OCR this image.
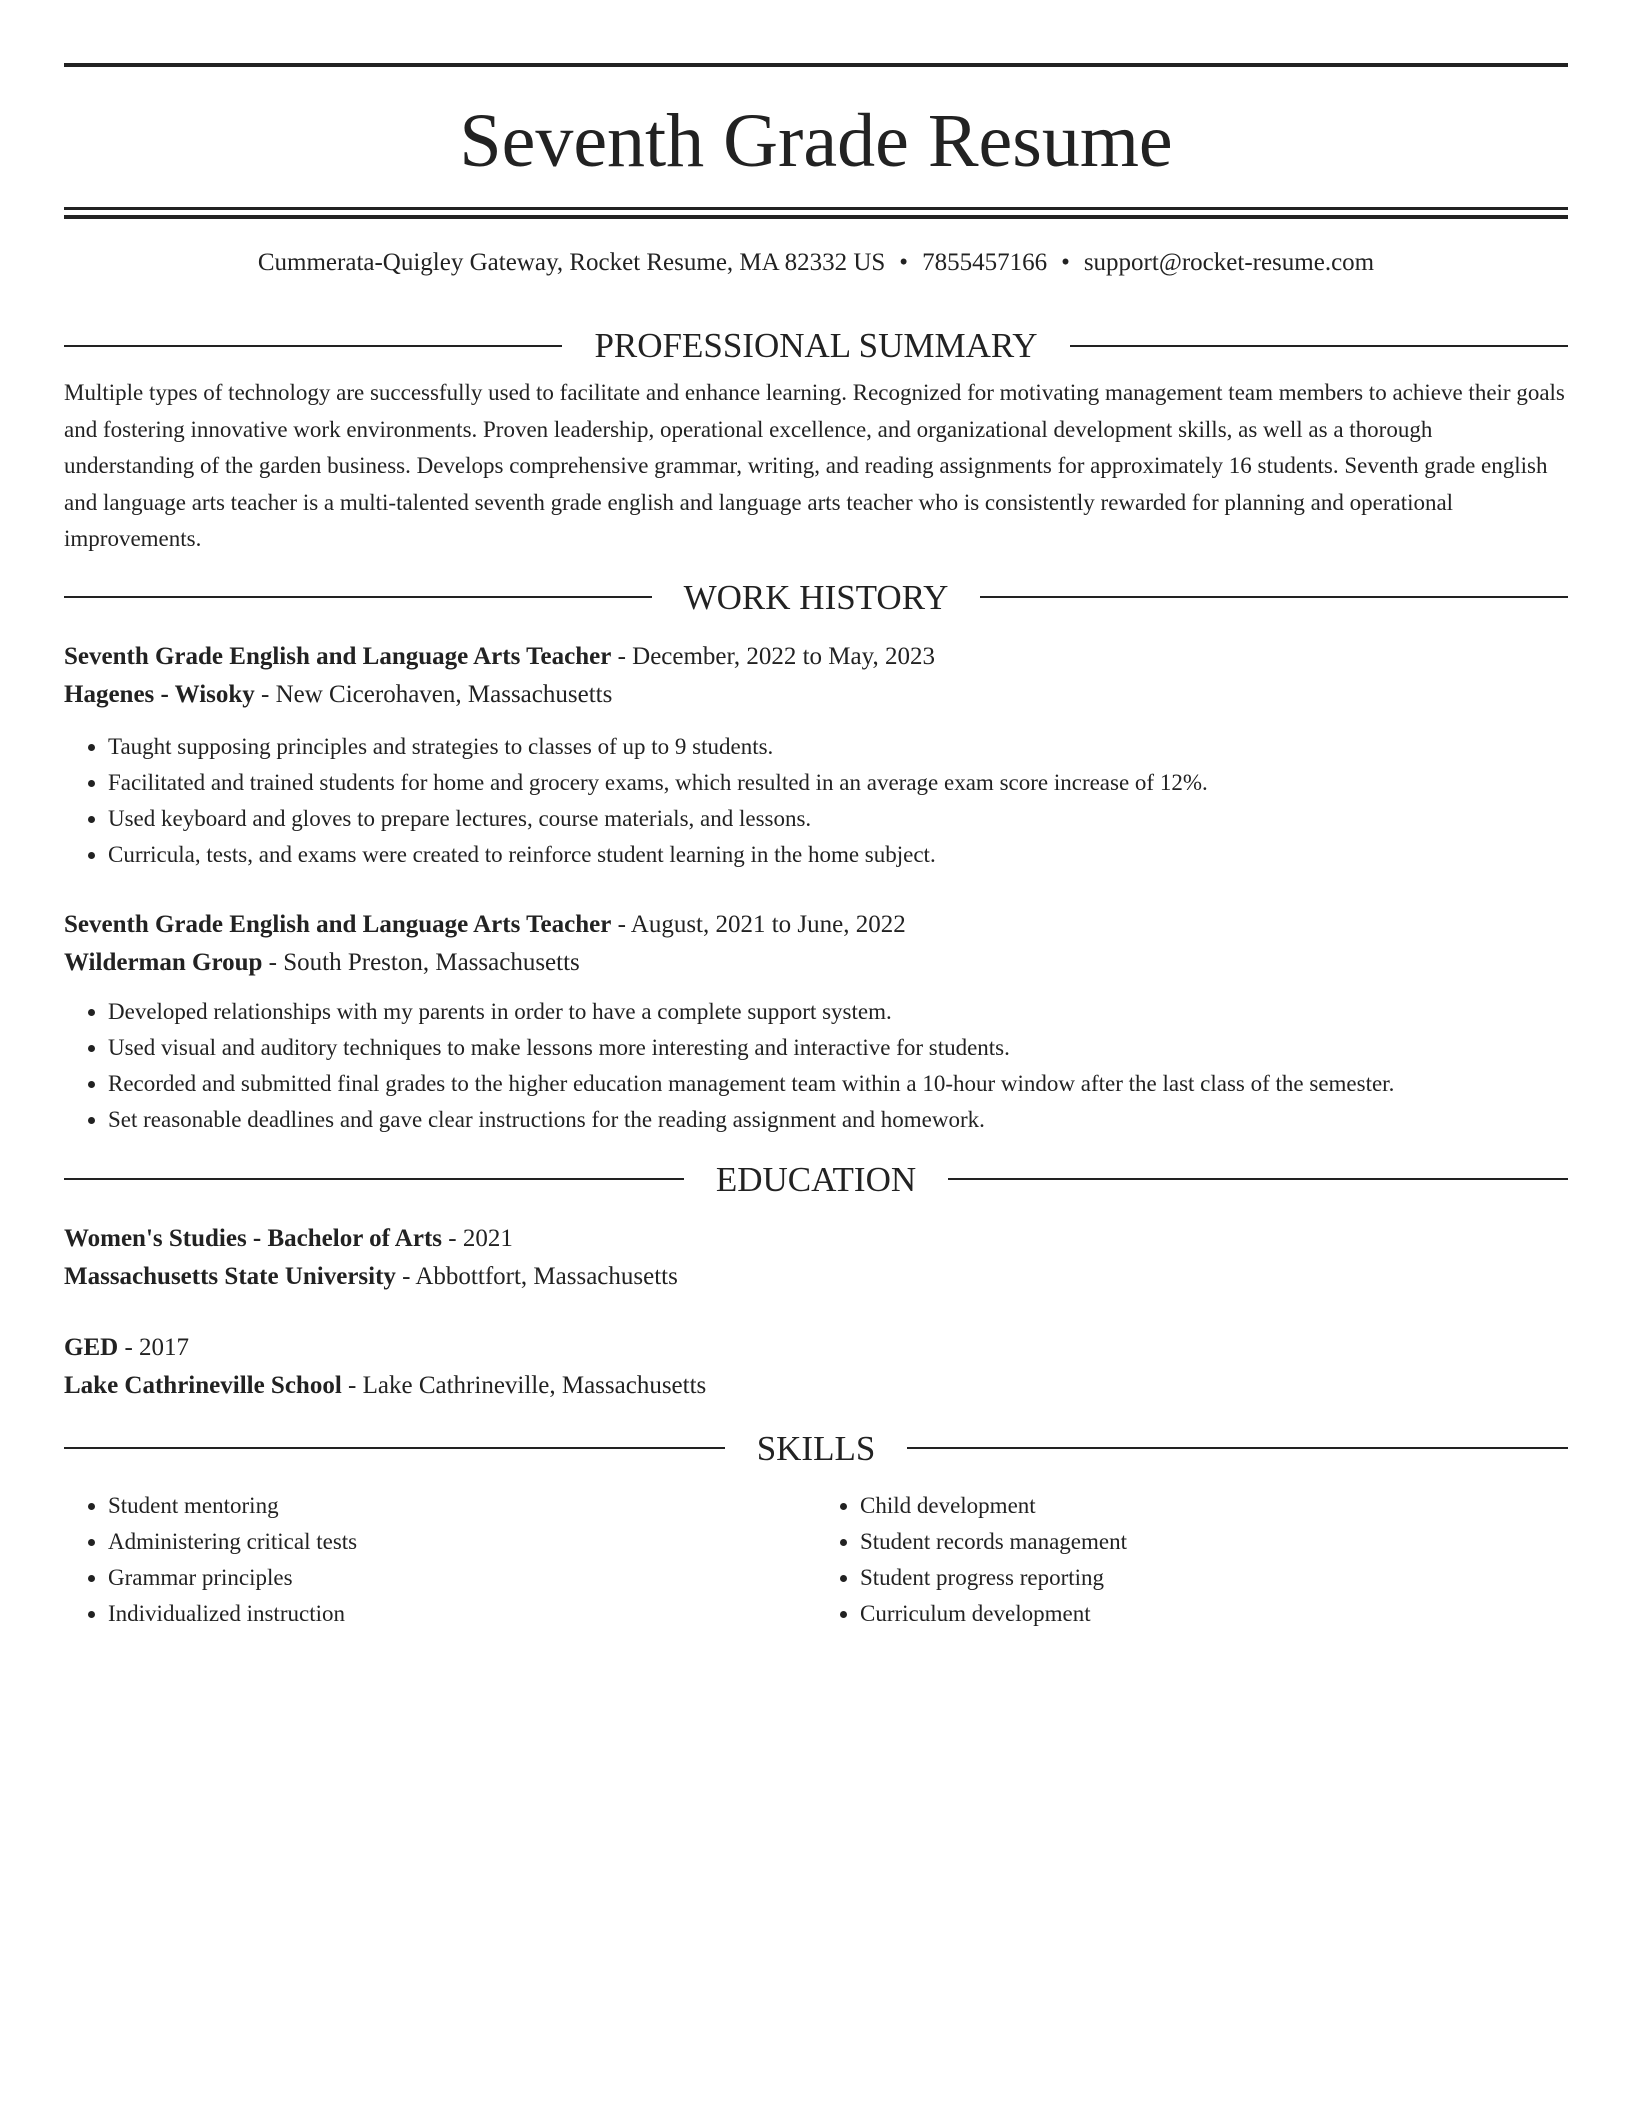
Seventh Grade Resume
Cummerata-Quigley Gateway, Rocket Resume, MA 82332 US • 7855457166 • support@rocket-resume.com
PROFESSIONAL SUMMARY

Multiple types of technology are successfully used to facilitate and enhance learning. Recognized for motivating management team members to achieve their goals and fostering innovative work environments. Proven leadership, operational excellence, and organizational development skills, as well as a thorough understanding of the garden business. Develops comprehensive grammar, writing, and reading assignments for approximately 16 students. Seventh grade english and language arts teacher is a multi-talented seventh grade english and language arts teacher who is consistently rewarded for planning and operational improvements.

WORK HISTORY
Seventh Grade English and Language Arts Teacher - December, 2022 to May, 2023
Hagenes - Wisoky - New Cicerohaven, Massachusetts
• Taught supposing principles and strategies to classes of up to 9 students.
• Facilitated and trained students for home and grocery exams, which resulted in an average exam score increase of 12%.
• Used keyboard and gloves to prepare lectures, course materials, and lessons.
• Curricula, tests, and exams were created to reinforce student learning in the home subject.
Seventh Grade English and Language Arts Teacher - August, 2021 to June, 2022
Wilderman Group - South Preston, Massachusetts
• Developed relationships with my parents in order to have a complete support system.
• Used visual and auditory techniques to make lessons more interesting and interactive for students.
• Recorded and submitted final grades to the higher education management team within a 10-hour window after the last class of the semester.
• Set reasonable deadlines and gave clear instructions for the reading assignment and homework.
EDUCATION
Women's Studies - Bachelor of Arts - 2021
Massachusetts State University - Abbottfort, Massachusetts
GED - 2017
Lake Cathrineville School - Lake Cathrineville, Massachusetts
SKILLS
• Student mentoring
• Administering critical tests
• Grammar principles
• Individualized instruction
• Child development
• Student records management
• Student progress reporting
• Curriculum development
